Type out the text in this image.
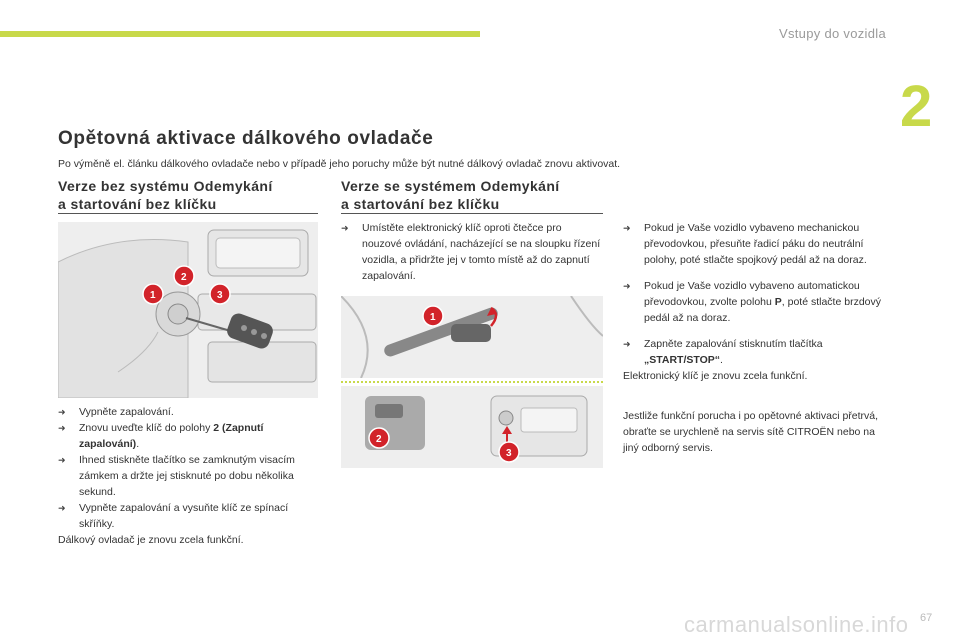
Vstupy do vozidla
2
Opětovná aktivace dálkového ovladače
Po výměně el. článku dálkového ovladače nebo v případě jeho poruchy může být nutné dálkový ovladač znovu aktivovat.
Verze bez systému Odemykání
a startování bez klíčku
1
2
3
➜ Vypněte zapalování.
➜ Znovu uveďte klíč do polohy 2 (Zapnutí zapalování).
➜ Ihned stiskněte tlačítko se zamknutým visacím zámkem a držte jej stisknuté po dobu několika sekund.
➜ Vypněte zapalování a vysuňte klíč ze spínací skříňky.
Dálkový ovladač je znovu zcela funkční.
Verze se systémem Odemykání
a startování bez klíčku
➜ Umístěte elektronický klíč oproti čtečce pro nouzové ovládání, nacházející se na sloupku řízení vozidla, a přidržte jej v tomto místě až do zapnutí zapalování.
1
2
3
➜ Pokud je Vaše vozidlo vybaveno mechanickou převodovkou, přesuňte řadicí páku do neutrální polohy, poté stlačte spojkový pedál až na doraz.
➜ Pokud je Vaše vozidlo vybaveno automatickou převodovkou, zvolte polohu P, poté stlačte brzdový pedál až na doraz.
➜ Zapněte zapalování stisknutím tlačítka „START/STOP“.
Elektronický klíč je znovu zcela funkční.
Jestliže funkční porucha i po opětovné aktivaci přetrvá, obraťte se urychleně na servis sítě CITROËN nebo na jiný odborný servis.
carmanualsonline.info 67
